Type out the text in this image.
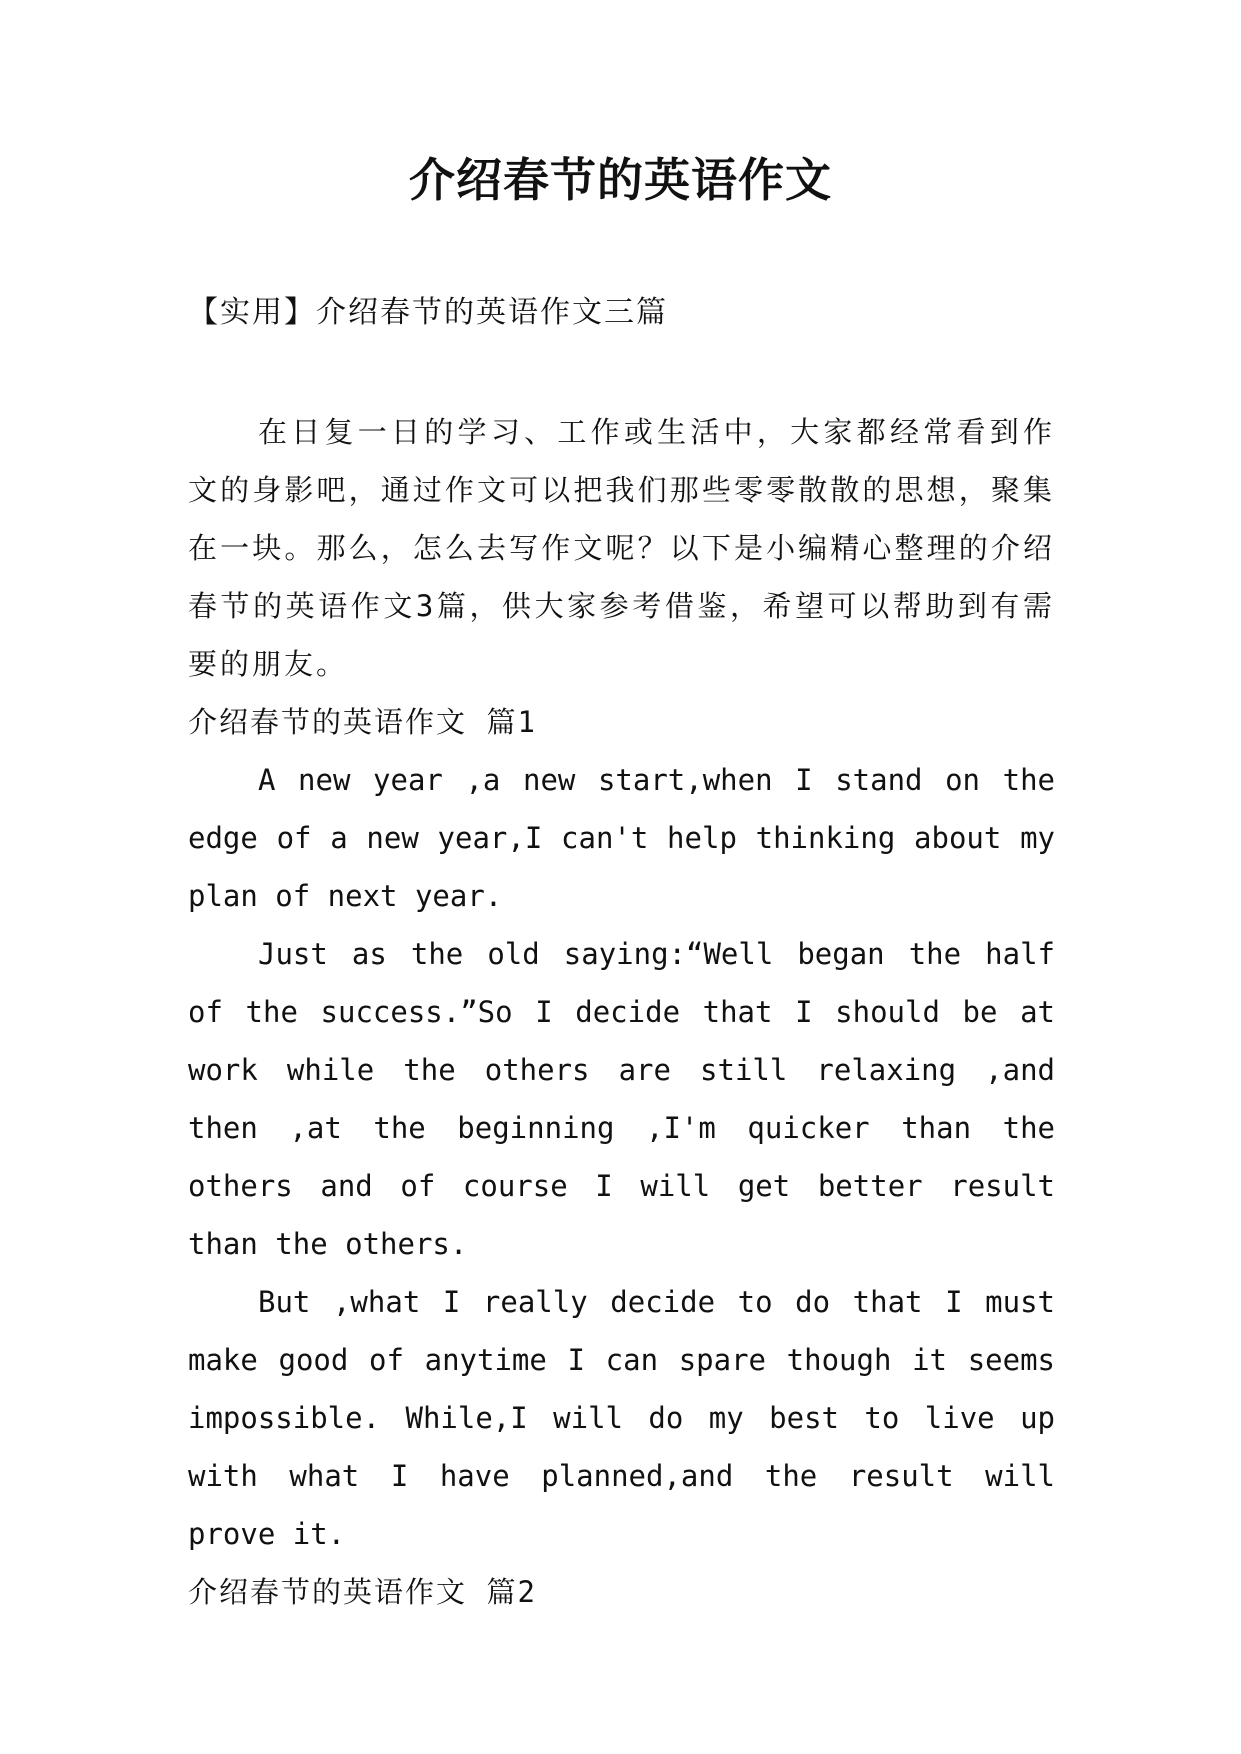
介绍春节的英语作文
【实用】介绍春节的英语作文三篇

在日复一日的学习、工作或生活中，大家都经常看到作文的身影吧，通过作文可以把我们那些零零散散的思想，聚集在一块。那么，怎么去写作文呢？以下是小编精心整理的介绍春节的英语作文3篇，供大家参考借鉴，希望可以帮助到有需要的朋友。

介绍春节的英语作文 篇1

A new year ,a new start,when I stand on the edge of a new year,I can't help thinking about my plan of next year.

Just as the old saying:“Well began the half of the success.”So I decide that I should be at work while the others are still relaxing ,and then ,at the beginning ,I'm quicker than the others and of course I will get better result than the others.

But ,what I really decide to do that I must make good of anytime I can spare though it seems impossible. While,I will do my best to live up with what I have planned,and the result will prove it.

介绍春节的英语作文 篇2
